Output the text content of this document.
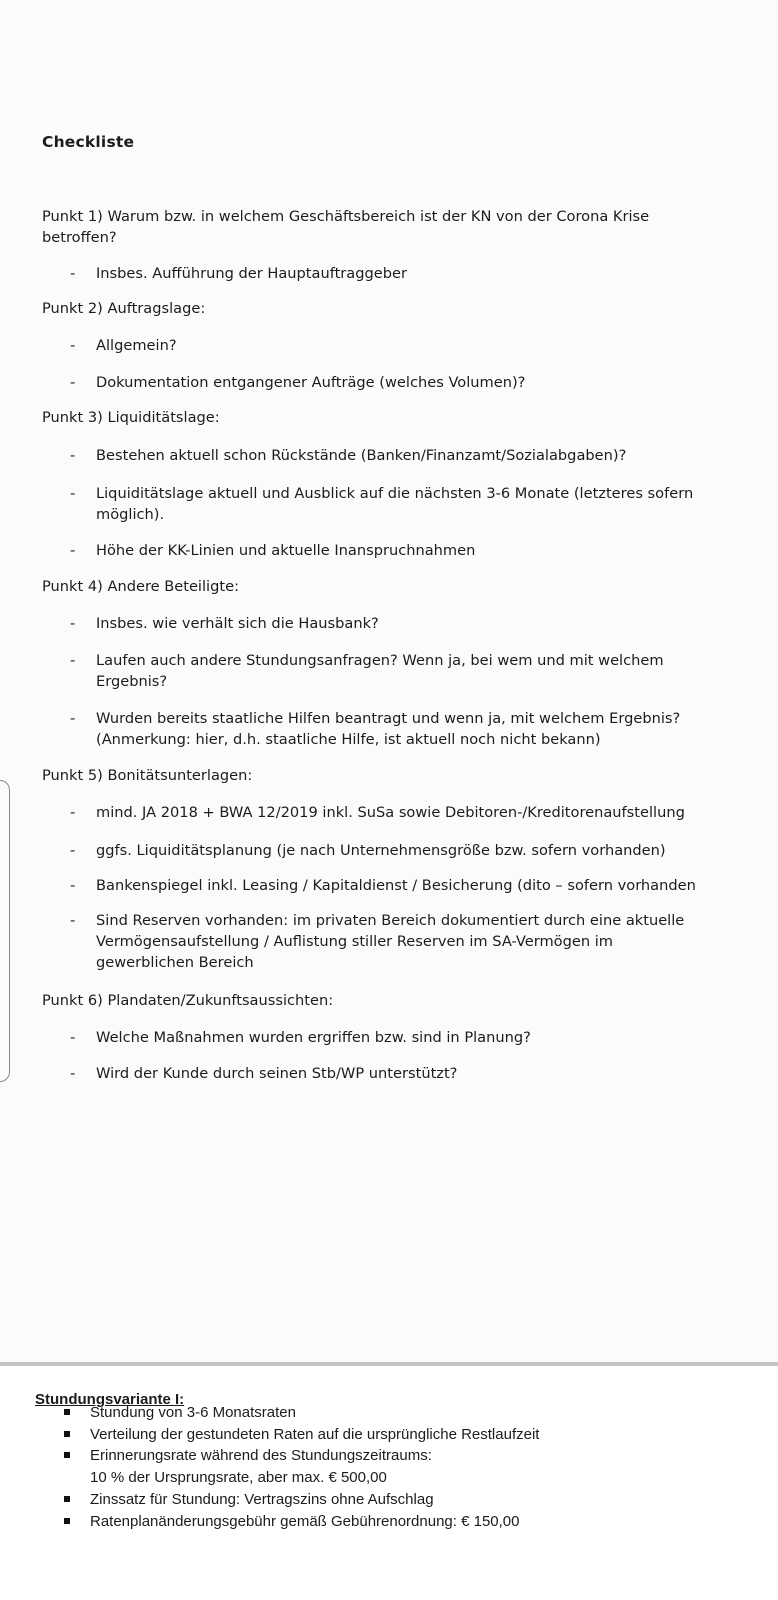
Checkliste
Punkt 1) Warum bzw. in welchem Geschäftsbereich ist der KN von der Corona Krise
betroffen?
-	Insbes. Aufführung der Hauptauftraggeber
Punkt 2) Auftragslage:
-	Allgemein?
-	Dokumentation entgangener Aufträge (welches Volumen)?
Punkt 3) Liquiditätslage:
-	Bestehen aktuell schon Rückstände (Banken/Finanzamt/Sozialabgaben)?
-	Liquiditätslage aktuell und Ausblick auf die nächsten 3-6 Monate (letzteres sofern
möglich).
-	Höhe der KK-Linien und aktuelle Inanspruchnahmen
Punkt 4) Andere Beteiligte:
-	Insbes. wie verhält sich die Hausbank?
-	Laufen auch andere Stundungsanfragen? Wenn ja, bei wem und mit welchem
Ergebnis?
-	Wurden bereits staatliche Hilfen beantragt und wenn ja, mit welchem Ergebnis?
(Anmerkung: hier, d.h. staatliche Hilfe, ist aktuell noch nicht bekann)
Punkt 5) Bonitätsunterlagen:
-	mind. JA 2018 + BWA 12/2019 inkl. SuSa sowie Debitoren-/Kreditorenaufstellung
-	ggfs. Liquiditätsplanung (je nach Unternehmensgröße bzw. sofern vorhanden)
-	Bankenspiegel inkl. Leasing / Kapitaldienst / Besicherung (dito – sofern vorhanden
-	Sind Reserven vorhanden: im privaten Bereich dokumentiert durch eine aktuelle
Vermögensaufstellung / Auflistung stiller Reserven im SA-Vermögen im
gewerblichen Bereich
Punkt 6) Plandaten/Zukunftsaussichten:
-	Welche Maßnahmen wurden ergriffen bzw. sind in Planung?
-	Wird der Kunde durch seinen Stb/WP unterstützt?
Stundungsvariante I:
Stundung von 3-6 Monatsraten
Verteilung der gestundeten Raten auf die ursprüngliche Restlaufzeit
Erinnerungsrate während des Stundungszeitraums:
10 % der Ursprungsrate, aber max. € 500,00
Zinssatz für Stundung: Vertragszins ohne Aufschlag
Ratenplanänderungsgebühr gemäß Gebührenordnung: € 150,00
